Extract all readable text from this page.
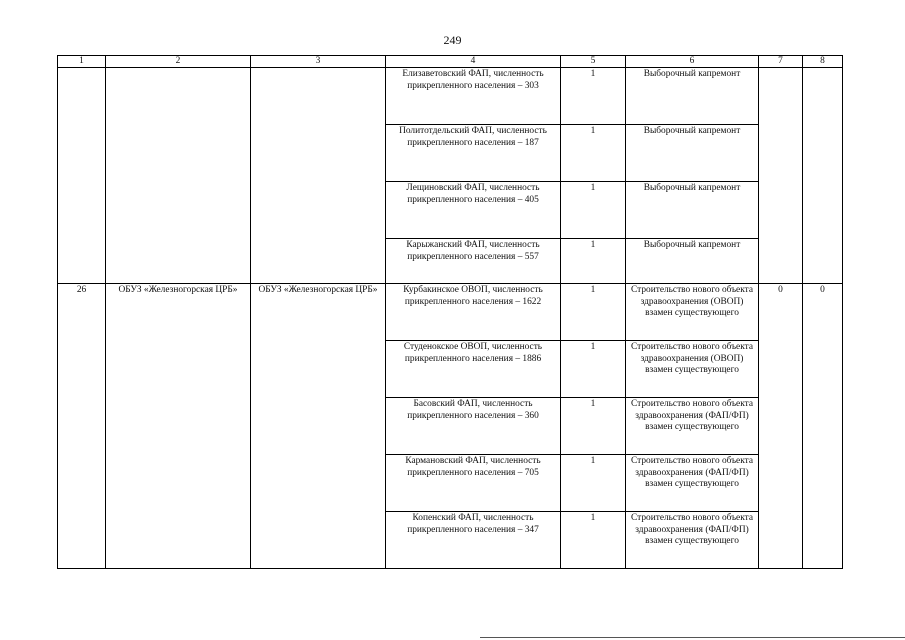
249
1	2	3	4	5	6	7	8
			Елизаветовский ФАП, численность прикрепленного населения – 303	1	Выборочный капремонт		
			Политотдельский ФАП, численность прикрепленного населения – 187	1	Выборочный капремонт		
			Лещиновский ФАП, численность прикрепленного населения – 405	1	Выборочный капремонт		
			Карыжанский ФАП, численность прикрепленного населения – 557	1	Выборочный капремонт		
26	ОБУЗ «Железногорская ЦРБ»	ОБУЗ «Железногорская ЦРБ»	Курбакинское ОВОП, численность прикрепленного населения – 1622	1	Строительство нового объекта здравоохранения (ОВОП) взамен существующего	0	0
			Студенокское ОВОП, численность прикрепленного населения – 1886	1	Строительство нового объекта здравоохранения (ОВОП) взамен существующего		
			Басовский ФАП, численность прикрепленного населения – 360	1	Строительство нового объекта здравоохранения (ФАП/ФП) взамен существующего		
			Кармановский ФАП, численность прикрепленного населения – 705	1	Строительство нового объекта здравоохранения (ФАП/ФП) взамен существующего		
			Копенский ФАП, численность прикрепленного населения – 347	1	Строительство нового объекта здравоохранения (ФАП/ФП) взамен существующего		
